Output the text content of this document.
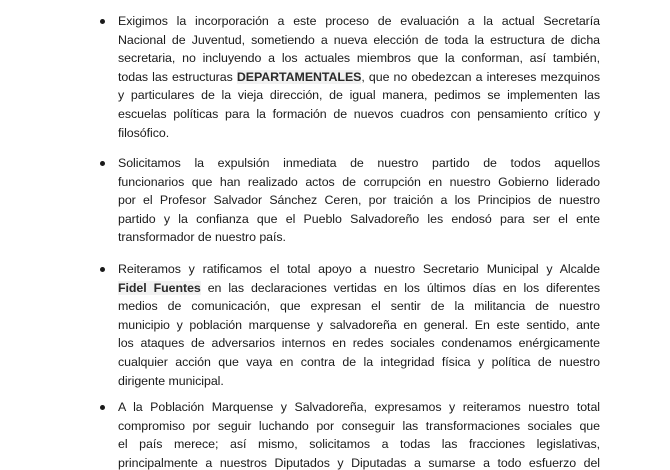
Exigimos la incorporación a este proceso de evaluación a la actual Secretaría
Nacional de Juventud, sometiendo a nueva elección de toda la estructura de dicha
secretaria, no incluyendo a los actuales miembros que la conforman, así también,
todas las estructuras DEPARTAMENTALES, que no obedezcan a intereses mezquinos
y particulares de la vieja dirección, de igual manera, pedimos se implementen las
escuelas políticas para la formación de nuevos cuadros con pensamiento crítico y
filosófico.

Solicitamos la expulsión inmediata de nuestro partido de todos aquellos
funcionarios que han realizado actos de corrupción en nuestro Gobierno liderado
por el Profesor Salvador Sánchez Ceren, por traición a los Principios de nuestro
partido y la confianza que el Pueblo Salvadoreño les endosó para ser el ente
transformador de nuestro país.

Reiteramos y ratificamos el total apoyo a nuestro Secretario Municipal y Alcalde
Fidel Fuentes en las declaraciones vertidas en los últimos días en los diferentes
medios de comunicación, que expresan el sentir de la militancia de nuestro
municipio y población marquense y salvadoreña en general. En este sentido, ante
los ataques de adversarios internos en redes sociales condenamos enérgicamente
cualquier acción que vaya en contra de la integridad física y política de nuestro
dirigente municipal.

A la Población Marquense y Salvadoreña, expresamos y reiteramos nuestro total
compromiso por seguir luchando por conseguir las transformaciones sociales que
el país merece; así mismo, solicitamos a todas las fracciones legislativas,
principalmente a nuestros Diputados y Diputadas a sumarse a todo esfuerzo del
